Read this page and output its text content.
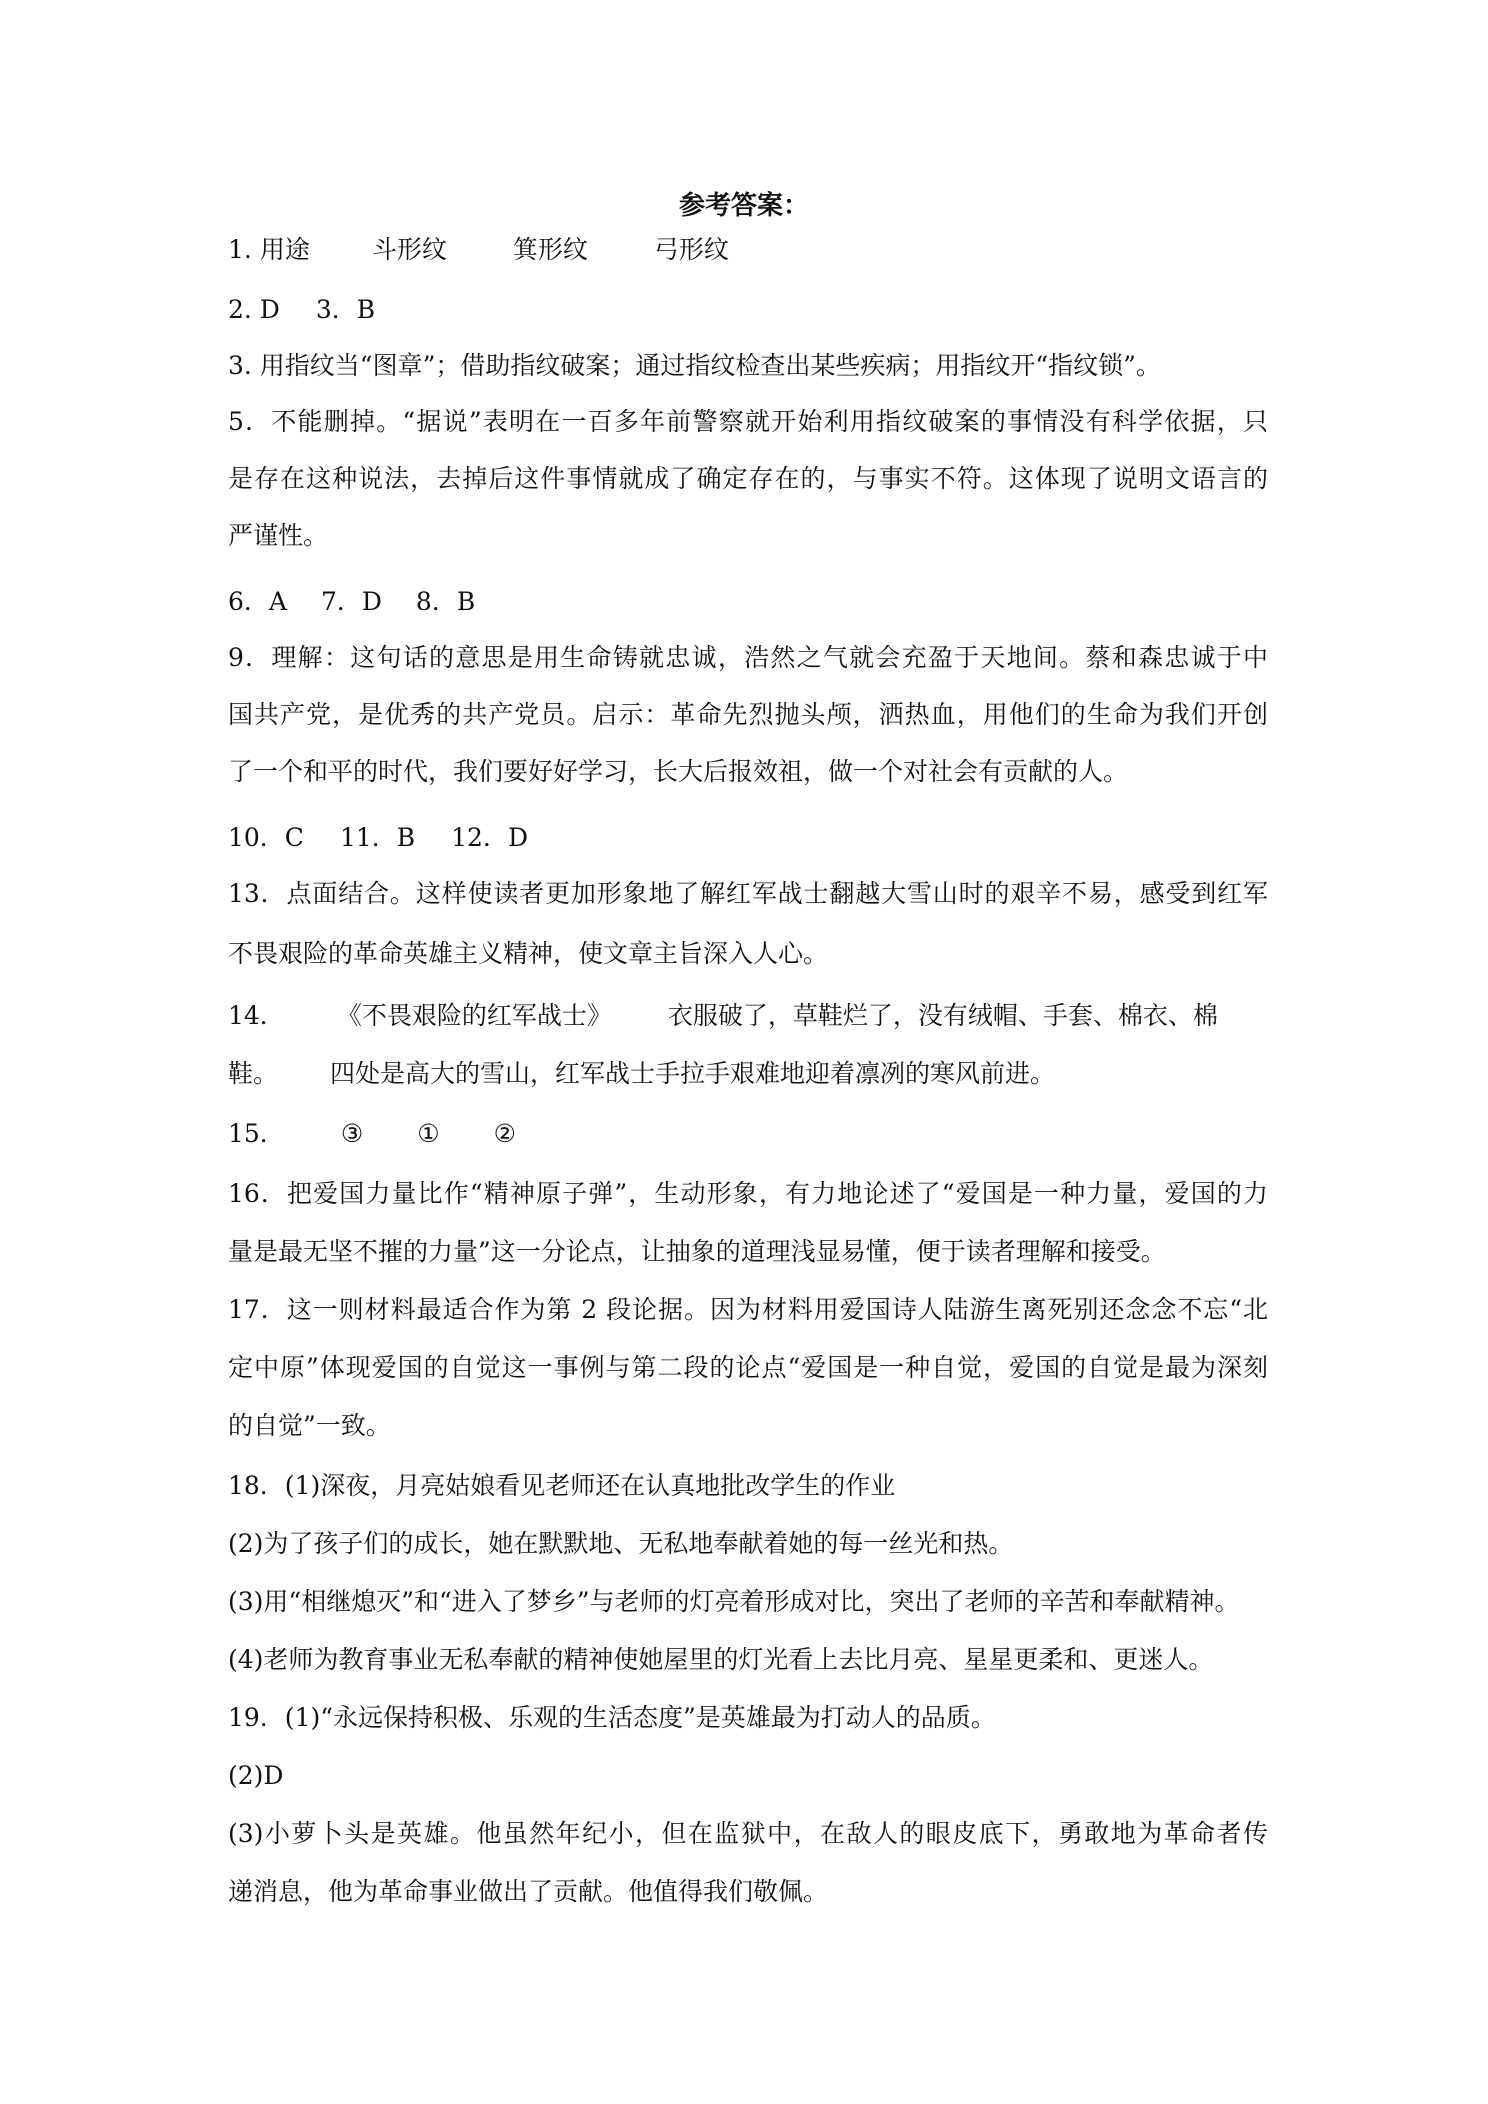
参考答案：
1. 用途 斗形纹	箕形纹	弓形纹
2. D 3．B
3. 用指纹当“图章”；借助指纹破案；通过指纹检查出某些疾病；用指纹开“指纹锁”。
5．不能删掉。“据说”表明在一百多年前警察就开始利用指纹破案的事情没有科学依据，只
是存在这种说法，去掉后这件事情就成了确定存在的，与事实不符。这体现了说明文语言的
严谨性。
6．A 7．D 8．B
9．理解：这句话的意思是用生命铸就忠诚，浩然之气就会充盈于天地间。蔡和森忠诚于中
国共产党，是优秀的共产党员。启示：革命先烈抛头颅，洒热血，用他们的生命为我们开创
了一个和平的时代，我们要好好学习，长大后报效祖，做一个对社会有贡献的人。
10．C 11．B 12．D
13．点面结合。这样使读者更加形象地了解红军战士翻越大雪山时的艰辛不易，感受到红军
不畏艰险的革命英雄主义精神，使文章主旨深入人心。
14． 《不畏艰险的红军战士》 衣服破了，草鞋烂了，没有绒帽、手套、棉衣、棉
鞋。 四处是高大的雪山，红军战士手拉手艰难地迎着凛冽的寒风前进。
15． ③ ① ②
16．把爱国力量比作“精神原子弹”，生动形象，有力地论述了“爱国是一种力量，爱国的力
量是最无坚不摧的力量”这一分论点，让抽象的道理浅显易懂，便于读者理解和接受。
17．这一则材料最适合作为第 2 段论据。因为材料用爱国诗人陆游生离死别还念念不忘“北
定中原”体现爱国的自觉这一事例与第二段的论点“爱国是一种自觉，爱国的自觉是最为深刻
的自觉”一致。
18．(1)深夜，月亮姑娘看见老师还在认真地批改学生的作业
(2)为了孩子们的成长，她在默默地、无私地奉献着她的每一丝光和热。
(3)用“相继熄灭”和“进入了梦乡”与老师的灯亮着形成对比，突出了老师的辛苦和奉献精神。
(4)老师为教育事业无私奉献的精神使她屋里的灯光看上去比月亮、星星更柔和、更迷人。
19．(1)“永远保持积极、乐观的生活态度”是英雄最为打动人的品质。
(2)D
(3)小萝卜头是英雄。他虽然年纪小，但在监狱中，在敌人的眼皮底下，勇敢地为革命者传
递消息，他为革命事业做出了贡献。他值得我们敬佩。
